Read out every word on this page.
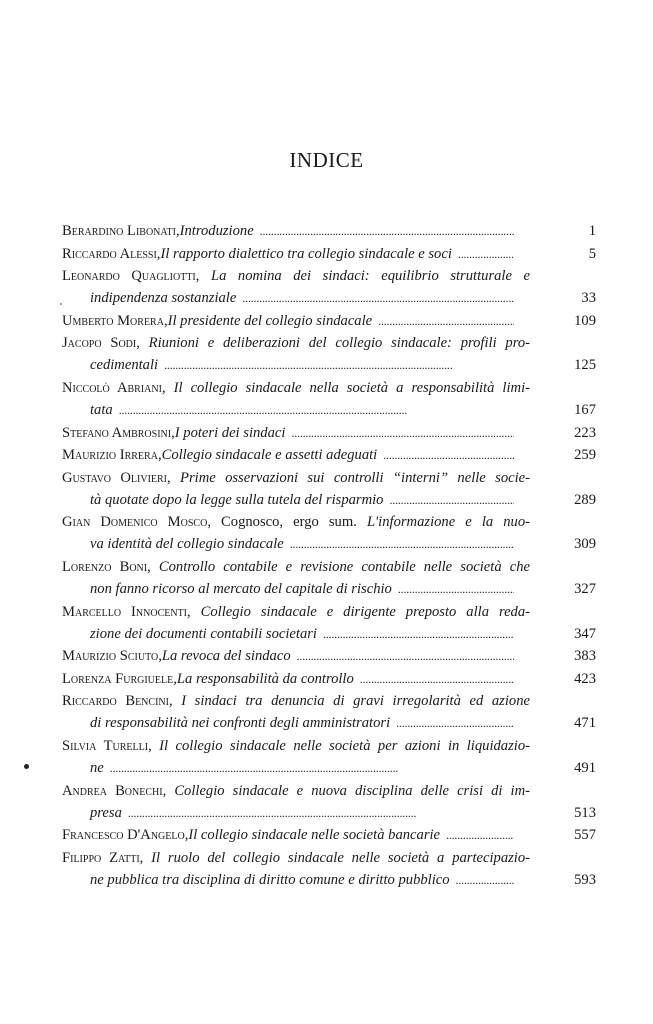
INDICE
Berardino Libonati , Introduzione . . .	1
Riccardo Alessi , Il rapporto dialettico tra collegio sindacale e soci . . .	5
Leonardo Quagliotti, La nomina dei sindaci: equilibrio strutturale e
indipendenza sostanziale . . .	33
Umberto Morera , Il presidente del collegio sindacale . . .	109
Jacopo Sodi, Riunioni e deliberazioni del collegio sindacale: profili pro-
cedimentali . . .	125
Niccolò Abriani, Il collegio sindacale nella società a responsabilità limi-
tata . . .	167
Stefano Ambrosini , I poteri dei sindaci . . .	223
Maurizio Irrera , Collegio sindacale e assetti adeguati . . .	259
Gustavo Olivieri, Prime osservazioni sui controlli “interni” nelle socie-
tà quotate dopo la legge sulla tutela del risparmio . . .	289
Gian Domenico Mosco, Cognosco, ergo sum. L'informazione e la nuo-
va identità del collegio sindacale . . .	309
Lorenzo Boni, Controllo contabile e revisione contabile nelle società che
non fanno ricorso al mercato del capitale di rischio . . .	327
Marcello Innocenti, Collegio sindacale e dirigente preposto alla reda-
zione dei documenti contabili societari . . .	347
Maurizio Sciuto , La revoca del sindaco . . .	383
Lorenza Furgiuele , La responsabilità da controllo . . .	423
Riccardo Bencini, I sindaci tra denuncia di gravi irregolarità ed azione
di responsabilità nei confronti degli amministratori . . .	471
Silvia Turelli, Il collegio sindacale nelle società per azioni in liquidazio-
ne . . .	491
Andrea Bonechi, Collegio sindacale e nuova disciplina delle crisi di im-
presa . . .	513
Francesco D'Angelo , Il collegio sindacale nelle società bancarie . . .	557
Filippo Zatti, Il ruolo del collegio sindacale nelle società a partecipazio-
ne pubblica tra disciplina di diritto comune e diritto pubblico . . .	593
